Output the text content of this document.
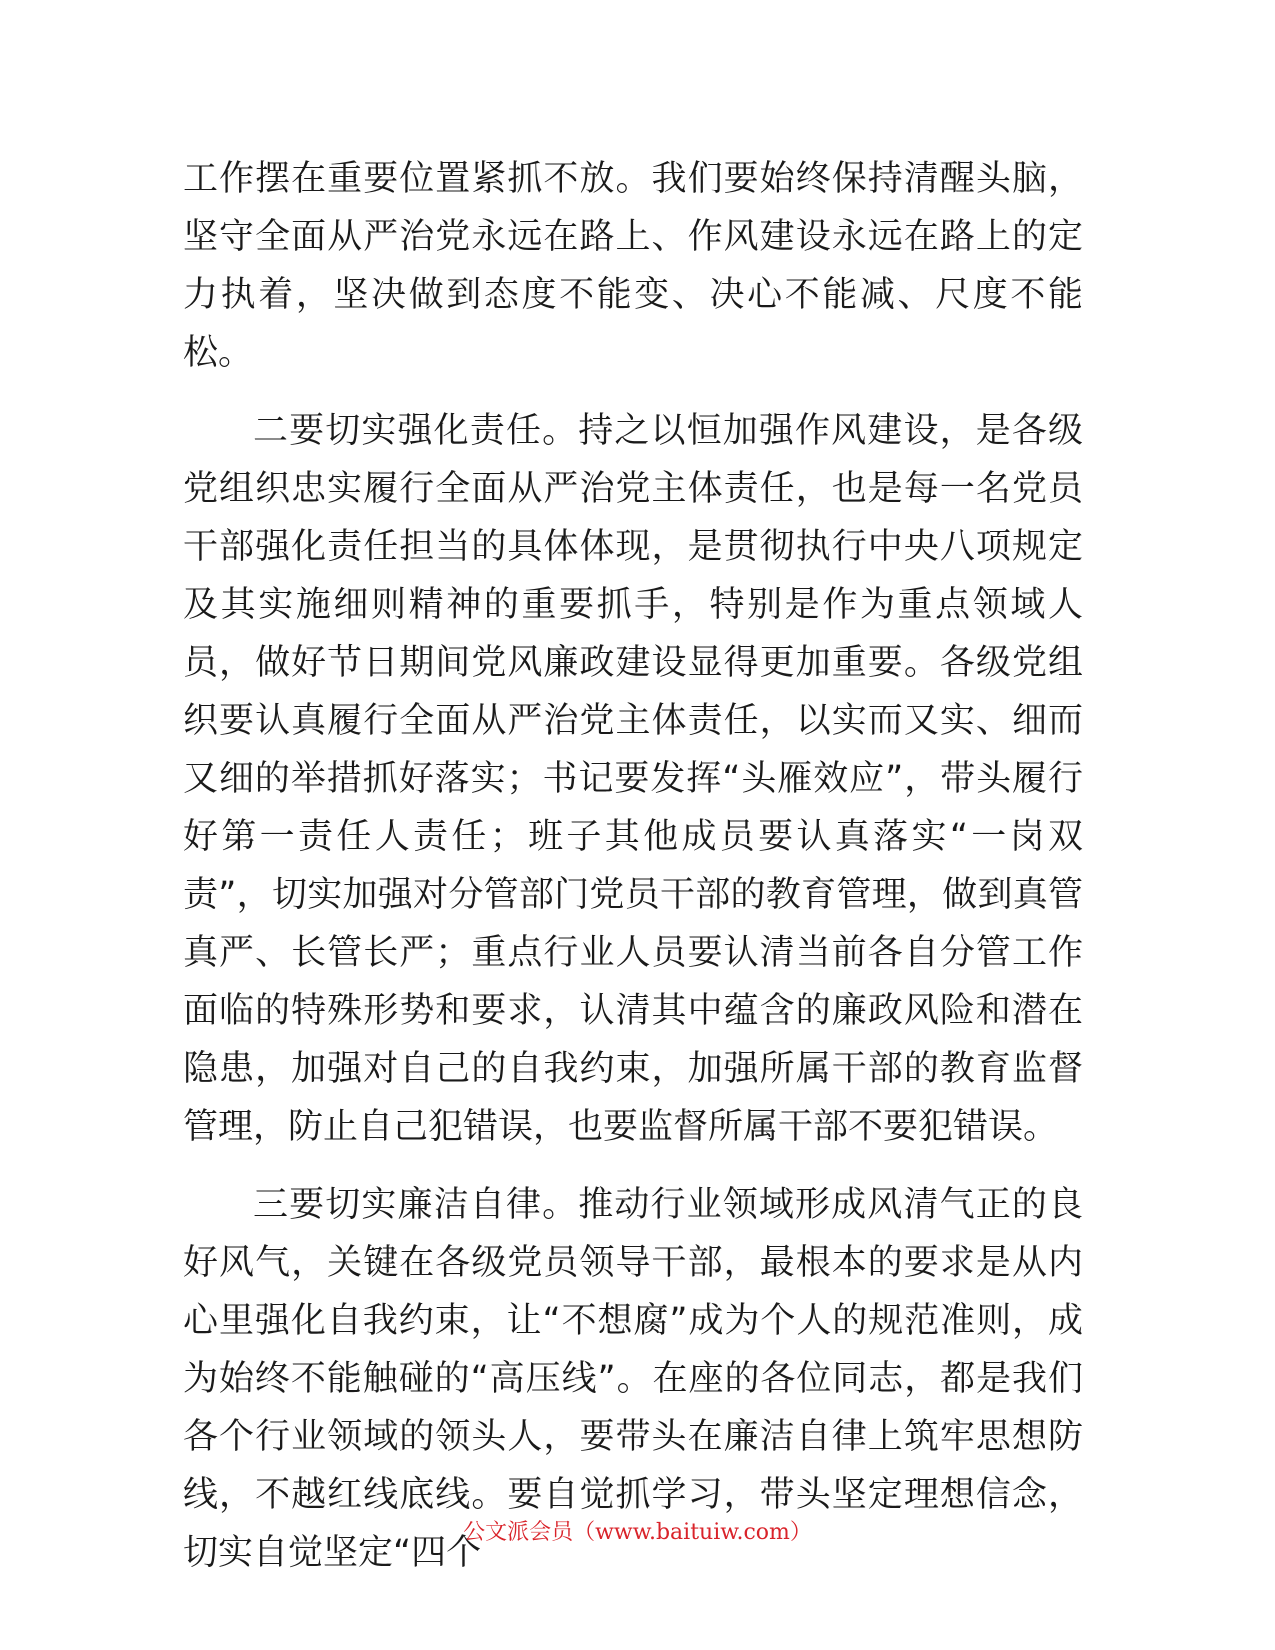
工作摆在重要位置紧抓不放。我们要始终保持清醒头脑，坚守全面从严治党永远在路上、作风建设永远在路上的定力执着，坚决做到态度不能变、决心不能减、尺度不能松。

二要切实强化责任。持之以恒加强作风建设，是各级党组织忠实履行全面从严治党主体责任，也是每一名党员干部强化责任担当的具体体现，是贯彻执行中央八项规定及其实施细则精神的重要抓手，特别是作为重点领域人员，做好节日期间党风廉政建设显得更加重要。各级党组织要认真履行全面从严治党主体责任，以实而又实、细而又细的举措抓好落实；书记要发挥“头雁效应”，带头履行好第一责任人责任；班子其他成员要认真落实“一岗双责”，切实加强对分管部门党员干部的教育管理，做到真管真严、长管长严；重点行业人员要认清当前各自分管工作面临的特殊形势和要求，认清其中蕴含的廉政风险和潜在隐患，加强对自己的自我约束，加强所属干部的教育监督管理，防止自己犯错误，也要监督所属干部不要犯错误。

三要切实廉洁自律。推动行业领域形成风清气正的良好风气，关键在各级党员领导干部，最根本的要求是从内心里强化自我约束，让“不想腐”成为个人的规范准则，成为始终不能触碰的“高压线”。在座的各位同志，都是我们各个行业领域的领头人，要带头在廉洁自律上筑牢思想防线，不越红线底线。要自觉抓学习，带头坚定理想信念，切实自觉坚定“四个

公文派会员（www.baituiw.com）
